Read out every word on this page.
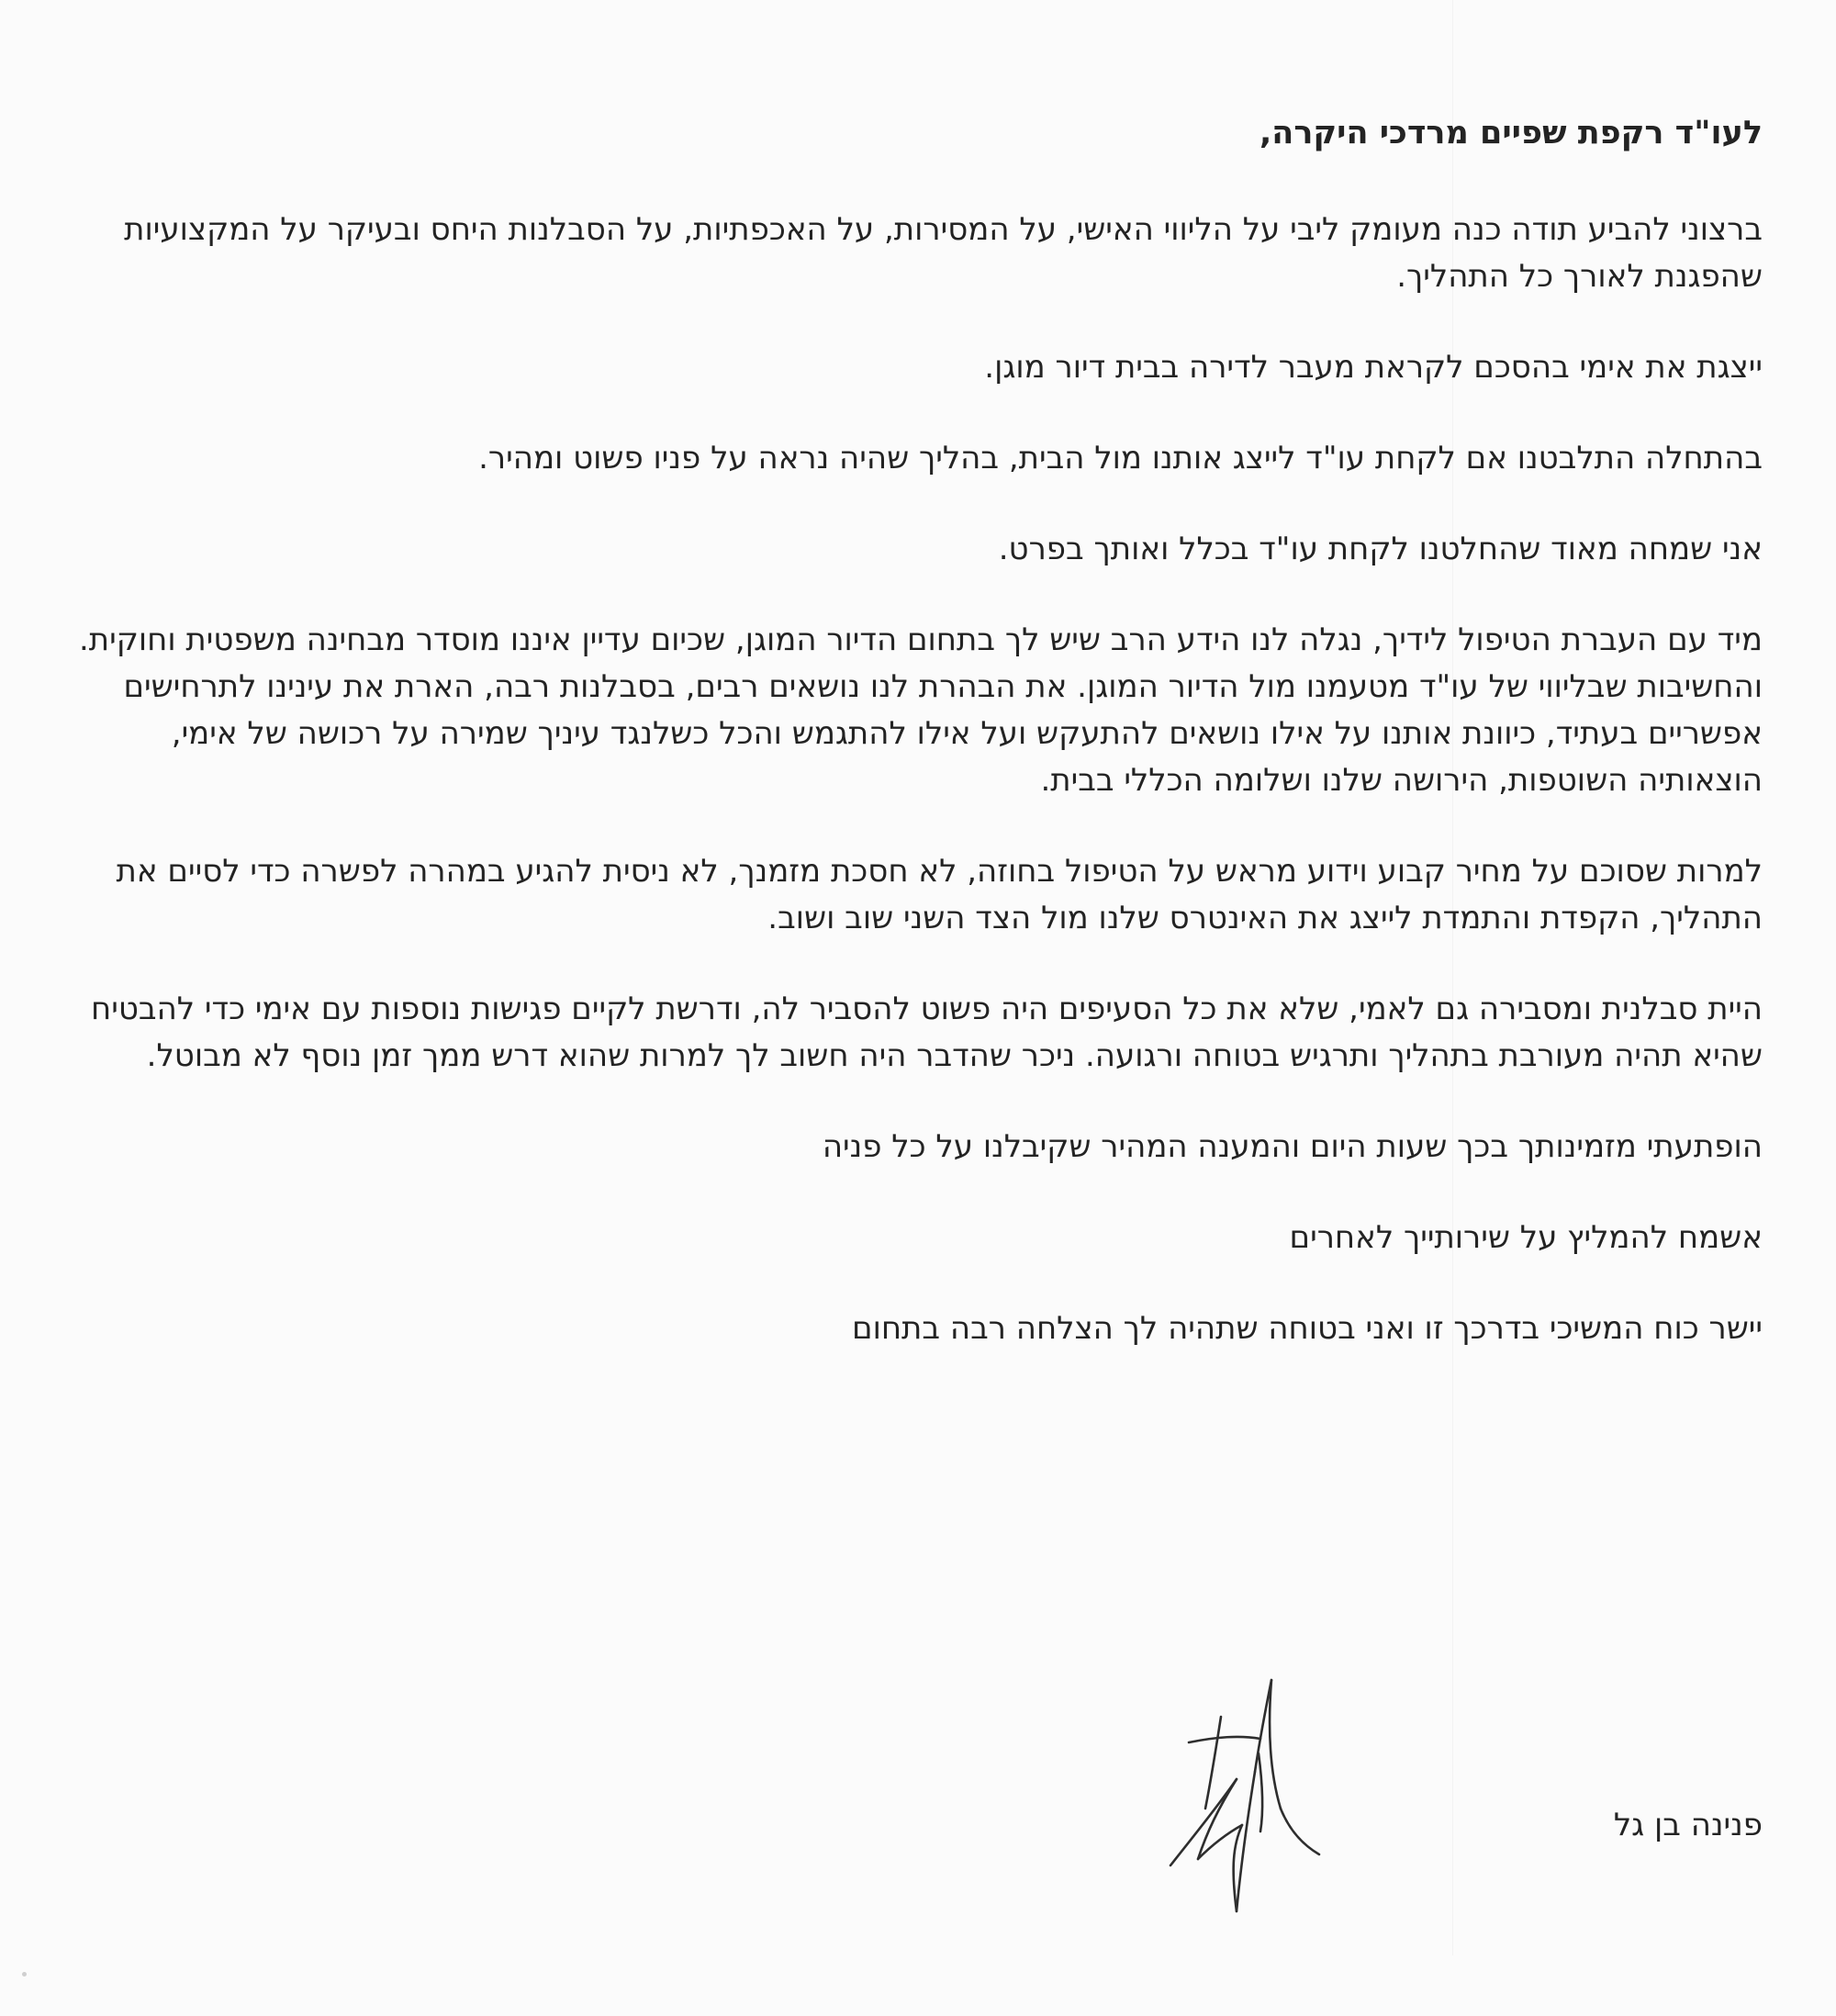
לעו"ד רקפת שפיים מרדכי היקרה,

ברצוני להביע תודה כנה מעומק ליבי על הליווי האישי, על המסירות, על האכפתיות, על הסבלנות היחס ובעיקר על המקצועיות שהפגנת לאורך כל התהליך.

ייצגת את אימי בהסכם לקראת מעבר לדירה בבית דיור מוגן.

בהתחלה התלבטנו אם לקחת עו"ד לייצג אותנו מול הבית, בהליך שהיה נראה על פניו פשוט ומהיר.

אני שמחה מאוד שהחלטנו לקחת עו"ד בכלל ואותך בפרט.

מיד עם העברת הטיפול לידיך, נגלה לנו הידע הרב שיש לך בתחום הדיור המוגן, שכיום עדיין איננו מוסדר מבחינה משפטית וחוקית. והחשיבות שבליווי של עו"ד מטעמנו מול הדיור המוגן. את הבהרת לנו נושאים רבים, בסבלנות רבה, הארת את עינינו לתרחישים אפשריים בעתיד, כיוונת אותנו על אילו נושאים להתעקש ועל אילו להתגמש והכל כשלנגד עיניך שמירה על רכושה של אימי, הוצאותיה השוטפות, הירושה שלנו ושלומה הכללי בבית.

למרות שסוכם על מחיר קבוע וידוע מראש על הטיפול בחוזה, לא חסכת מזמנך, לא ניסית להגיע במהרה לפשרה כדי לסיים את התהליך, הקפדת והתמדת לייצג את האינטרס שלנו מול הצד השני שוב ושוב.

היית סבלנית ומסבירה גם לאמי, שלא את כל הסעיפים היה פשוט להסביר לה, ודרשת לקיים פגישות נוספות עם אימי כדי להבטיח שהיא תהיה מעורבת בתהליך ותרגיש בטוחה ורגועה. ניכר שהדבר היה חשוב לך למרות שהוא דרש ממך זמן נוסף לא מבוטל.

הופתעתי מזמינותך בכך שעות היום והמענה המהיר שקיבלנו על כל פניה

אשמח להמליץ על שירותייך לאחרים

יישר כוח המשיכי בדרכך זו ואני בטוחה שתהיה לך הצלחה רבה בתחום

פנינה בן גל
